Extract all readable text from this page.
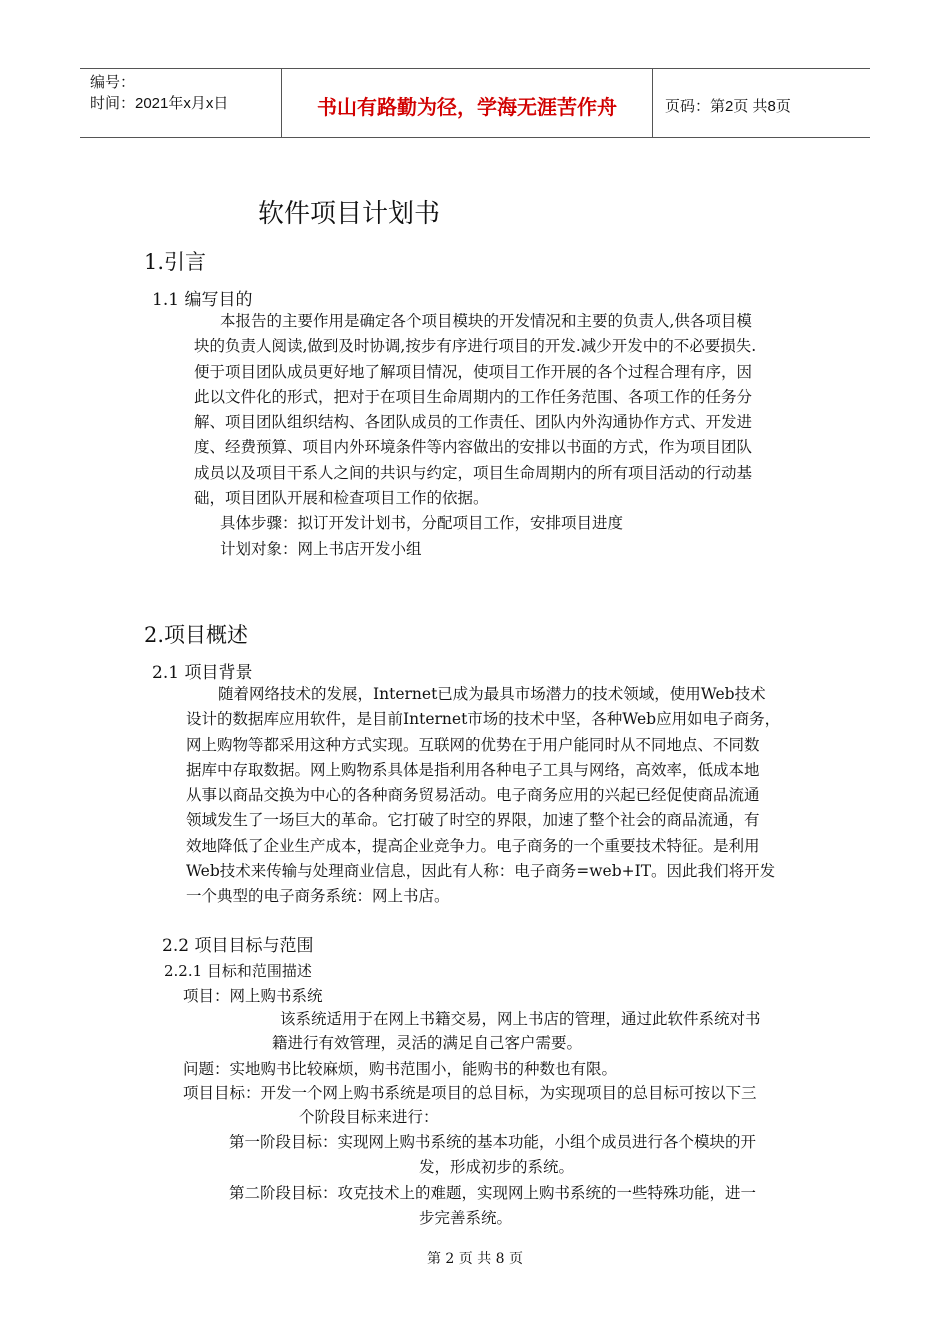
编号：
时间：2021年x月x日	书山有路勤为径，学海无涯苦作舟	页码：第2页 共8页
软件项目计划书
1.引言
1.1 编写目的
本报告的主要作用是确定各个项目模块的开发情况和主要的负责人,供各项目模
块的负责人阅读,做到及时协调,按步有序进行项目的开发.减少开发中的不必要损失.
便于项目团队成员更好地了解项目情况，使项目工作开展的各个过程合理有序，因
此以文件化的形式，把对于在项目生命周期内的工作任务范围、各项工作的任务分
解、项目团队组织结构、各团队成员的工作责任、团队内外沟通协作方式、开发进
度、经费预算、项目内外环境条件等内容做出的安排以书面的方式，作为项目团队
成员以及项目干系人之间的共识与约定，项目生命周期内的所有项目活动的行动基
础，项目团队开展和检查项目工作的依据。
具体步骤：拟订开发计划书，分配项目工作，安排项目进度
计划对象：网上书店开发小组
2.项目概述
2.1 项目背景
随着网络技术的发展，Internet已成为最具市场潜力的技术领域，使用Web技术
设计的数据库应用软件，是目前Internet市场的技术中坚，各种Web应用如电子商务，
网上购物等都采用这种方式实现。互联网的优势在于用户能同时从不同地点、不同数
据库中存取数据。网上购物系具体是指利用各种电子工具与网络，高效率，低成本地
从事以商品交换为中心的各种商务贸易活动。电子商务应用的兴起已经促使商品流通
领域发生了一场巨大的革命。它打破了时空的界限，加速了整个社会的商品流通，有
效地降低了企业生产成本，提高企业竞争力。电子商务的一个重要技术特征。是利用
Web技术来传输与处理商业信息，因此有人称：电子商务=web+IT。因此我们将开发
一个典型的电子商务系统：网上书店。
2.2 项目目标与范围
2.2.1 目标和范围描述
项目：网上购书系统
该系统适用于在网上书籍交易，网上书店的管理，通过此软件系统对书
籍进行有效管理，灵活的满足自己客户需要。
问题：实地购书比较麻烦，购书范围小，能购书的种数也有限。
项目目标：开发一个网上购书系统是项目的总目标，为实现项目的总目标可按以下三
个阶段目标来进行：
第一阶段目标：实现网上购书系统的基本功能，小组个成员进行各个模块的开
发，形成初步的系统。
第二阶段目标：攻克技术上的难题，实现网上购书系统的一些特殊功能，进一
步完善系统。
第 2 页 共 8 页
